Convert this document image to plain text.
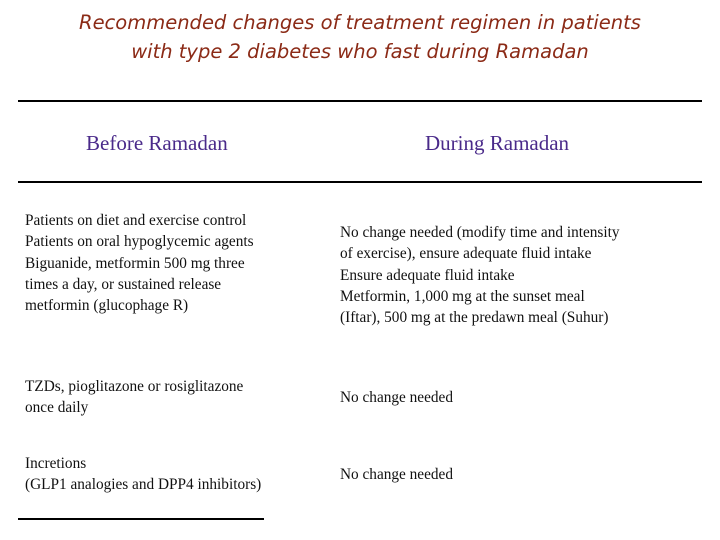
Recommended changes of treatment regimen in patients
with type 2 diabetes who fast during Ramadan
Before Ramadan	During Ramadan
Patients on diet and exercise control
Patients on oral hypoglycemic agents
Biguanide, metformin 500 mg three
times a day, or sustained release
metformin (glucophage R)
No change needed (modify time and intensity
of exercise), ensure adequate fluid intake
Ensure adequate fluid intake
Metformin, 1,000 mg at the sunset meal
(Iftar), 500 mg at the predawn meal (Suhur)
TZDs, pioglitazone or rosiglitazone
once daily
No change needed
Incretions
(GLP1 analogies and DPP4 inhibitors)
No change needed
